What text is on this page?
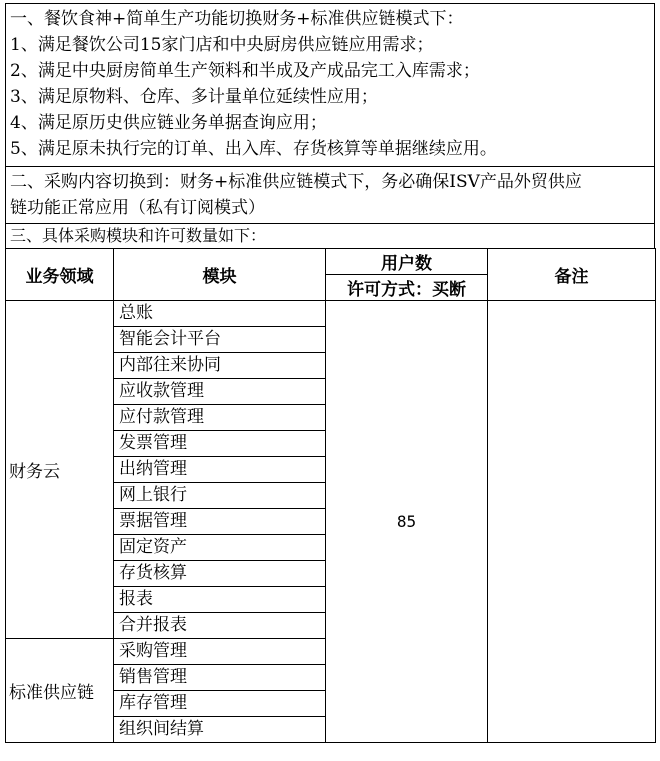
一、餐饮食神+简单生产功能切换财务+标准供应链模式下：
1、满足餐饮公司15家门店和中央厨房供应链应用需求；
2、满足中央厨房简单生产领料和半成及产成品完工入库需求；
3、满足原物料、仓库、多计量单位延续性应用；
4、满足原历史供应链业务单据查询应用；
5、满足原未执行完的订单、出入库、存货核算等单据继续应用。
二、采购内容切换到：财务+标准供应链模式下，务必确保ISV产品外贸供应
链功能正常应用（私有订阅模式）
三、具体采购模块和许可数量如下：
业务领域	模块	用户数	备注
		许可方式：买断	
财务云	总账	85	
	智能会计平台		
	内部往来协同		
	应收款管理		
	应付款管理		
	发票管理		
	出纳管理		
	网上银行		
	票据管理		
	固定资产		
	存货核算		
	报表		
	合并报表		
标准供应链	采购管理		
	销售管理		
	库存管理		
	组织间结算		
